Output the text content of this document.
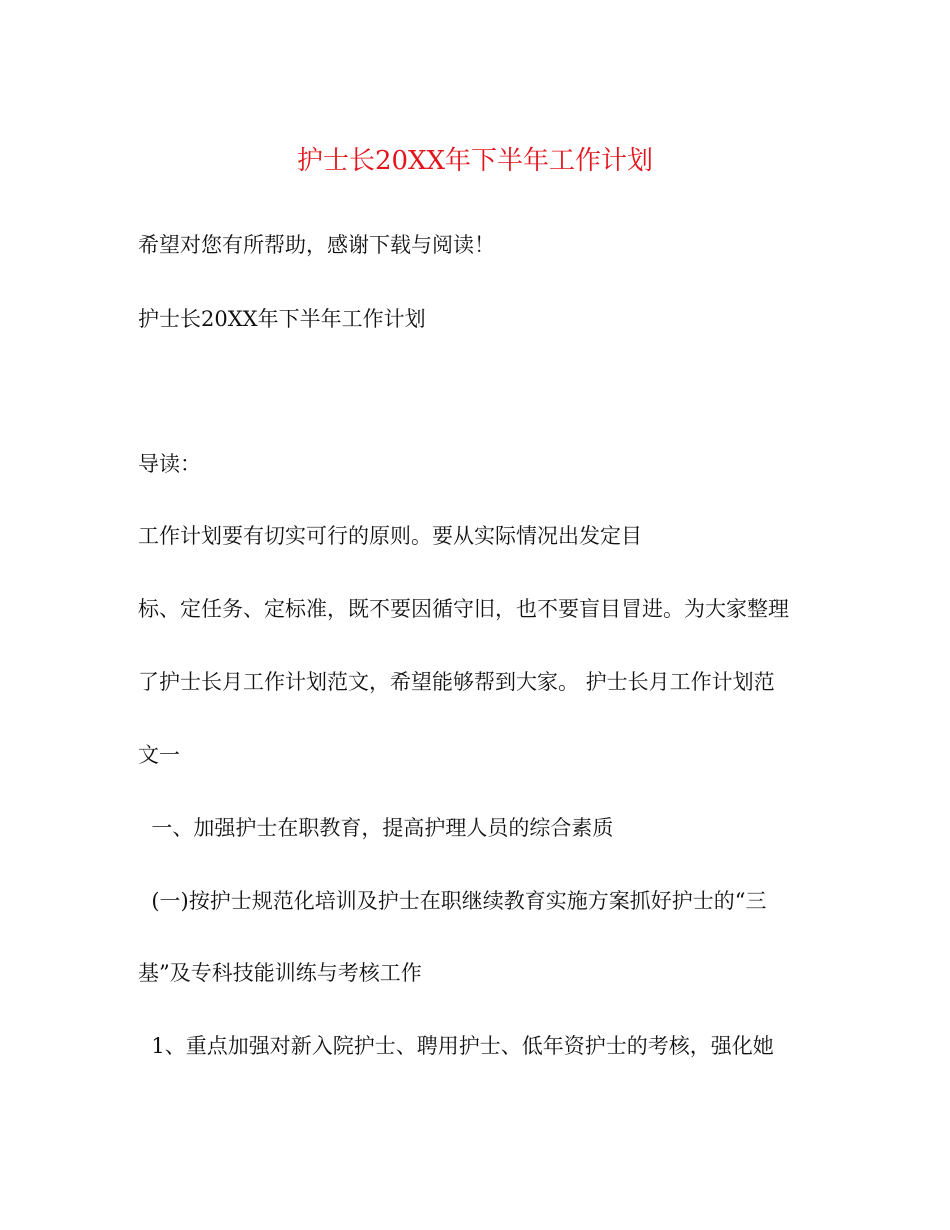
护士长20XX年下半年工作计划
希望对您有所帮助，感谢下载与阅读！
护士长20XX年下半年工作计划
导读：
工作计划要有切实可行的原则。要从实际情况出发定目
标、定任务、定标准，既不要因循守旧，也不要盲目冒进。为大家整理
了护士长月工作计划范文，希望能够帮到大家。 护士长月工作计划范
文一
一、加强护士在职教育，提高护理人员的综合素质
(一)按护士规范化培训及护士在职继续教育实施方案抓好护士的“三
基”及专科技能训练与考核工作
1、重点加强对新入院护士、聘用护士、低年资护士的考核，强化她
